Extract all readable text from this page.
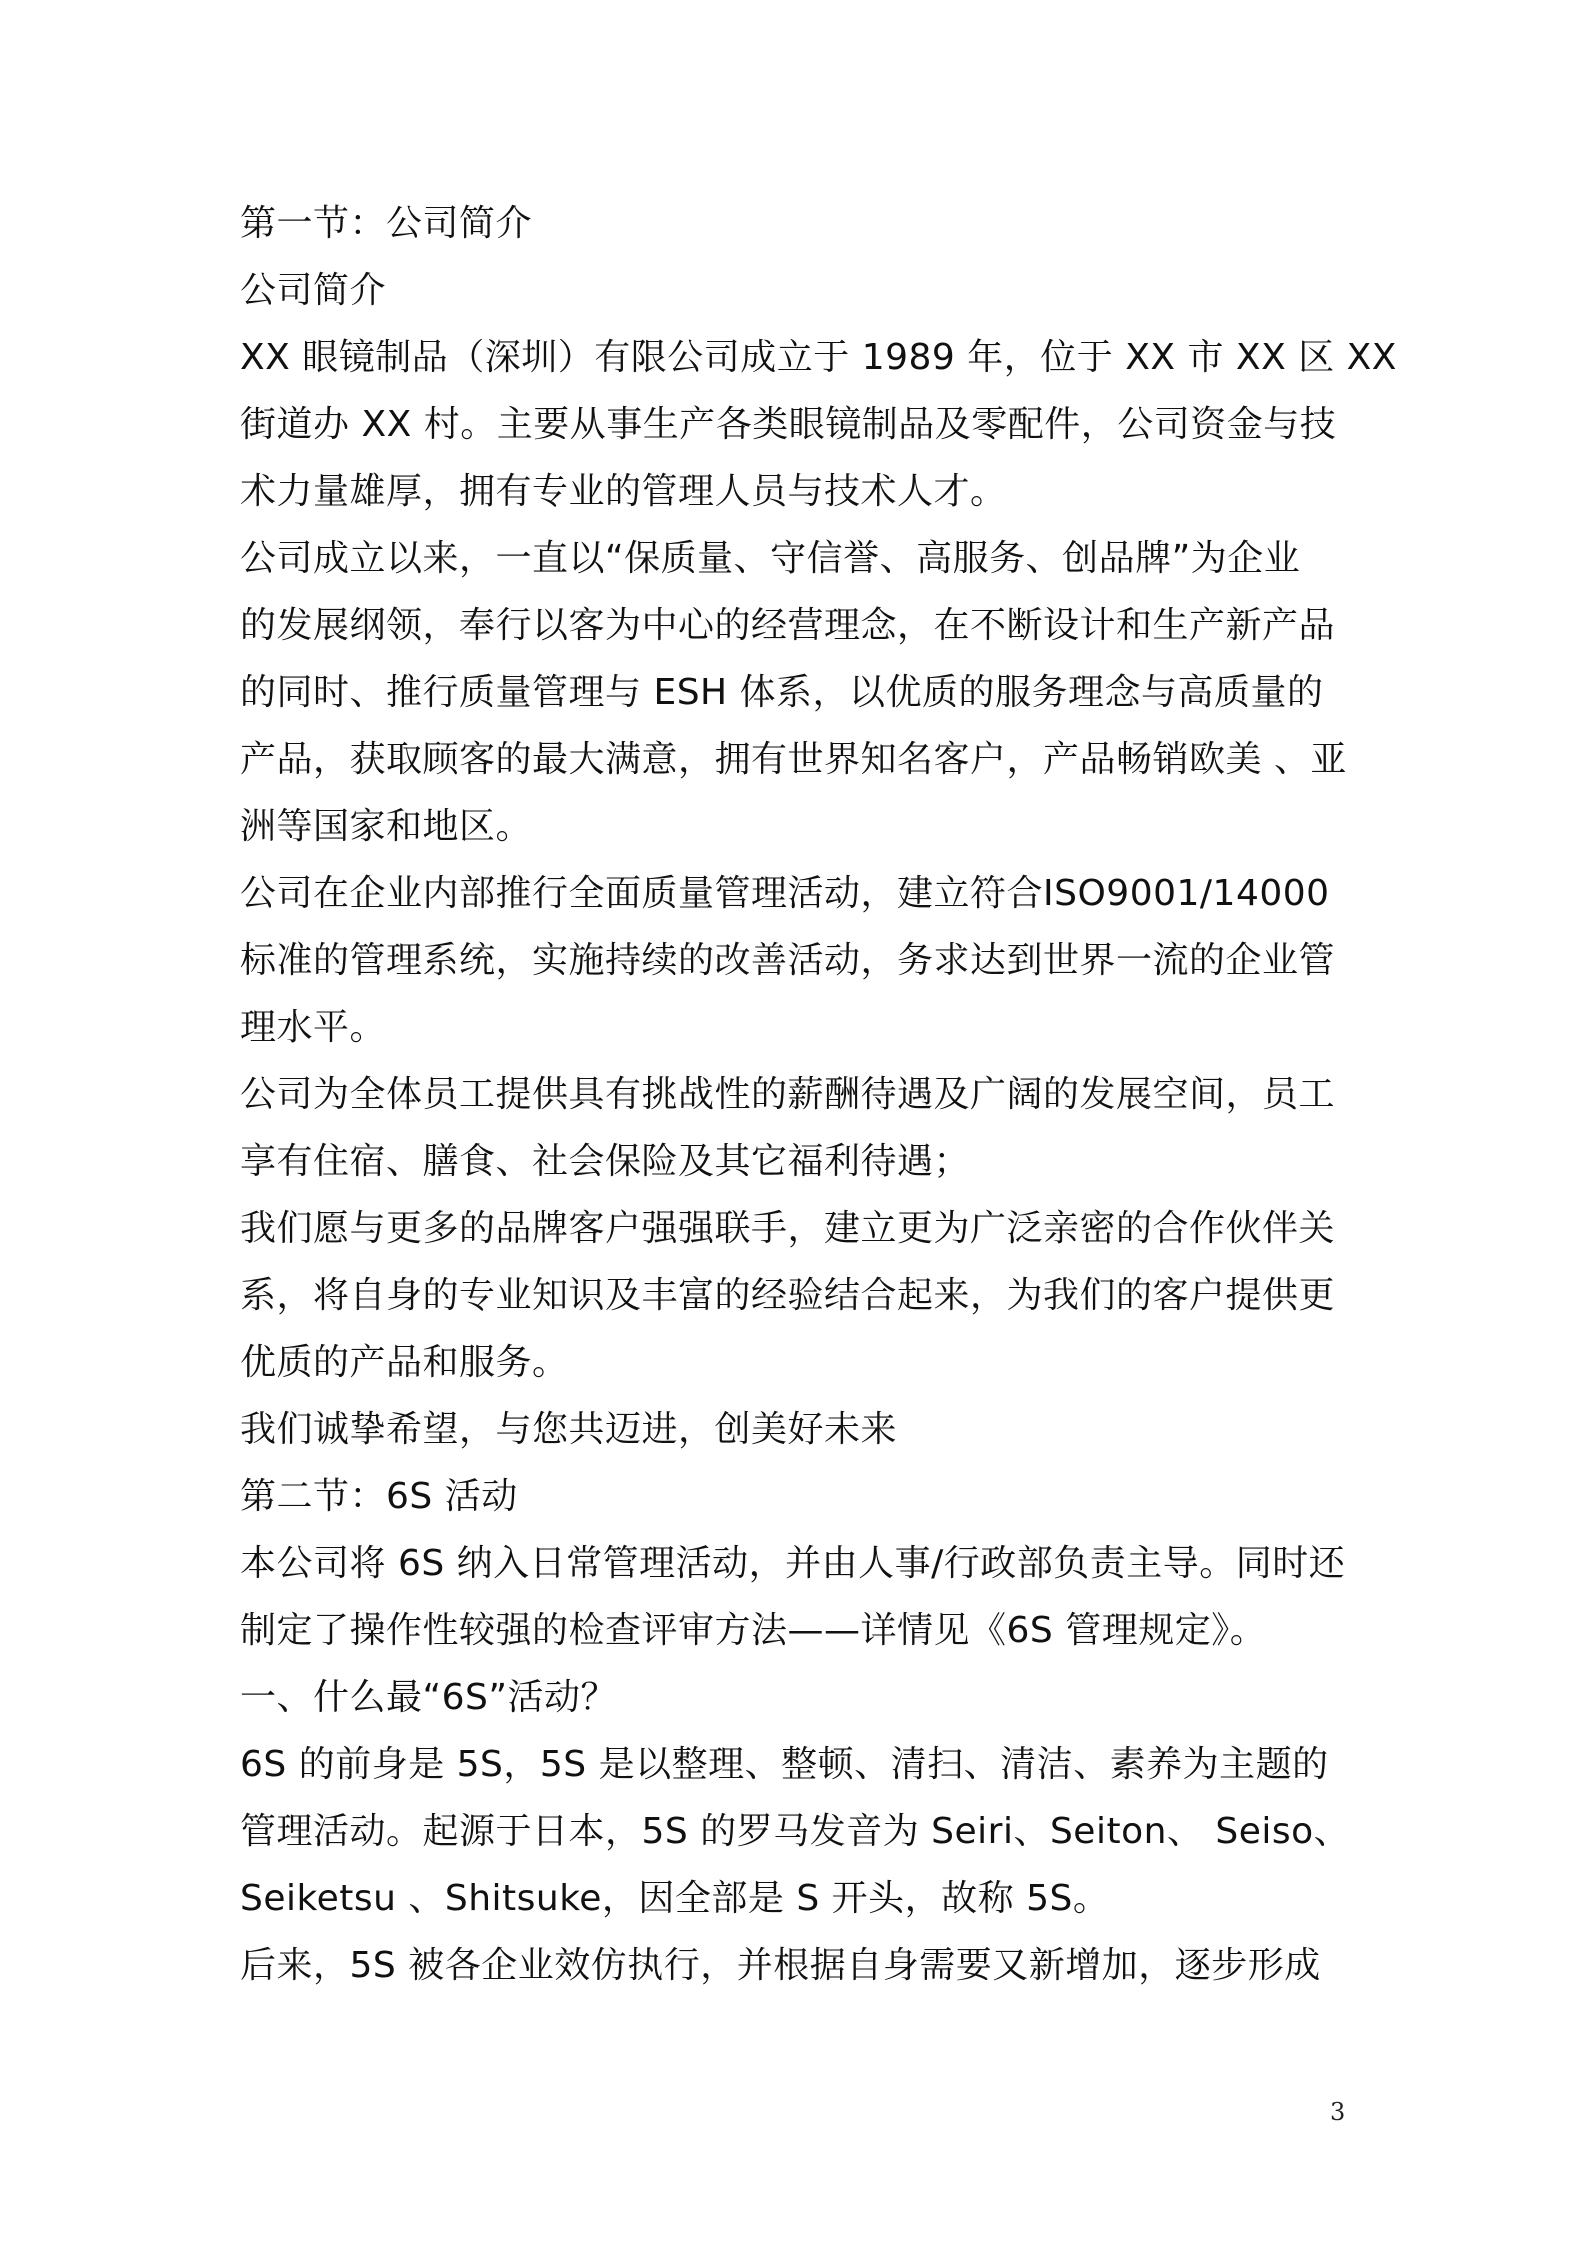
第一节：公司简介
公司简介
XX 眼镜制品（深圳）有限公司成立于 1989 年，位于 XX 市 XX 区 XX
街道办 XX 村。主要从事生产各类眼镜制品及零配件，公司资金与技
术力量雄厚，拥有专业的管理人员与技术人才。
公司成立以来，一直以“保质量、守信誉、高服务、创品牌”为企业
的发展纲领，奉行以客为中心的经营理念，在不断设计和生产新产品
的同时、推行质量管理与 ESH 体系，以优质的服务理念与高质量的
产品，获取顾客的最大满意，拥有世界知名客户，产品畅销欧美 、亚
洲等国家和地区。
公司在企业内部推行全面质量管理活动，建立符合ISO9001/14000
标准的管理系统，实施持续的改善活动，务求达到世界一流的企业管
理水平。
公司为全体员工提供具有挑战性的薪酬待遇及广阔的发展空间，员工
享有住宿、膳食、社会保险及其它福利待遇；
我们愿与更多的品牌客户强强联手，建立更为广泛亲密的合作伙伴关
系，将自身的专业知识及丰富的经验结合起来，为我们的客户提供更
优质的产品和服务。
我们诚挚希望，与您共迈进，创美好未来
第二节：6S 活动
本公司将 6S 纳入日常管理活动，并由人事/行政部负责主导。同时还
制定了操作性较强的检查评审方法——详情见《6S 管理规定》。
一、什么最“6S”活动？
6S 的前身是 5S，5S 是以整理、整顿、清扫、清洁、素养为主题的
管理活动。起源于日本，5S 的罗马发音为 Seiri、Seiton、 Seiso、
Seiketsu 、Shitsuke，因全部是 S 开头，故称 5S。
后来，5S 被各企业效仿执行，并根据自身需要又新增加，逐步形成
3
